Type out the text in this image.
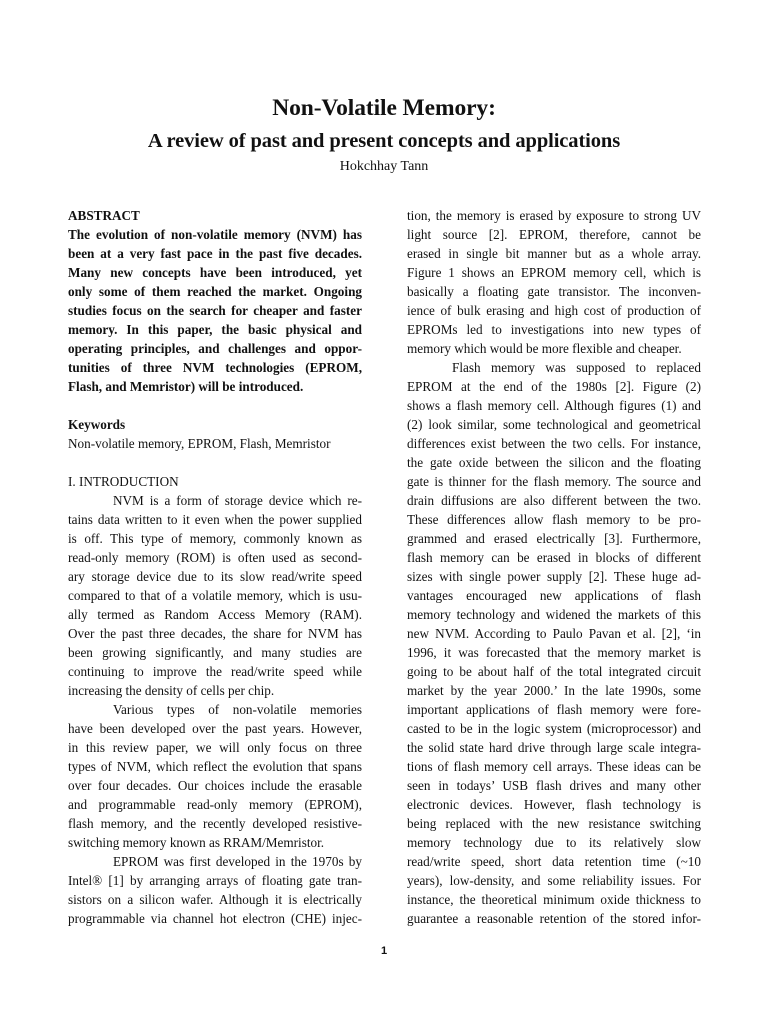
Non-Volatile Memory:
A review of past and present concepts and applications
Hokchhay Tann
ABSTRACT
The evolution of non-volatile memory (NVM) has
been at a very fast pace in the past five decades.
Many new concepts have been introduced, yet
only some of them reached the market. Ongoing
studies focus on the search for cheaper and faster
memory. In this paper, the basic physical and
operating principles, and challenges and oppor-
tunities of three NVM technologies (EPROM,
Flash, and Memristor) will be introduced.
Keywords
Non-volatile memory, EPROM, Flash, Memristor
I. INTRODUCTION
NVM is a form of storage device which re-
tains data written to it even when the power supplied
is off. This type of memory, commonly known as
read-only memory (ROM) is often used as second-
ary storage device due to its slow read/write speed
compared to that of a volatile memory, which is usu-
ally termed as Random Access Memory (RAM).
Over the past three decades, the share for NVM has
been growing significantly, and many studies are
continuing to improve the read/write speed while
increasing the density of cells per chip.
Various types of non-volatile memories
have been developed over the past years. However,
in this review paper, we will only focus on three
types of NVM, which reflect the evolution that spans
over four decades. Our choices include the erasable
and programmable read-only memory (EPROM),
flash memory, and the recently developed resistive-
switching memory known as RRAM/Memristor.
EPROM was first developed in the 1970s by
Intel® [1] by arranging arrays of floating gate tran-
sistors on a silicon wafer. Although it is electrically
programmable via channel hot electron (CHE) injec-
tion, the memory is erased by exposure to strong UV
light source [2]. EPROM, therefore, cannot be
erased in single bit manner but as a whole array.
Figure 1 shows an EPROM memory cell, which is
basically a floating gate transistor. The inconven-
ience of bulk erasing and high cost of production of
EPROMs led to investigations into new types of
memory which would be more flexible and cheaper.
Flash memory was supposed to replaced
EPROM at the end of the 1980s [2]. Figure (2)
shows a flash memory cell. Although figures (1) and
(2) look similar, some technological and geometrical
differences exist between the two cells. For instance,
the gate oxide between the silicon and the floating
gate is thinner for the flash memory. The source and
drain diffusions are also different between the two.
These differences allow flash memory to be pro-
grammed and erased electrically [3]. Furthermore,
flash memory can be erased in blocks of different
sizes with single power supply [2]. These huge ad-
vantages encouraged new applications of flash
memory technology and widened the markets of this
new NVM. According to Paulo Pavan et al. [2], ‘in
1996, it was forecasted that the memory market is
going to be about half of the total integrated circuit
market by the year 2000.’ In the late 1990s, some
important applications of flash memory were fore-
casted to be in the logic system (microprocessor) and
the solid state hard drive through large scale integra-
tions of flash memory cell arrays. These ideas can be
seen in todays’ USB flash drives and many other
electronic devices. However, flash technology is
being replaced with the new resistance switching
memory technology due to its relatively slow
read/write speed, short data retention time (~10
years), low-density, and some reliability issues. For
instance, the theoretical minimum oxide thickness to
guarantee a reasonable retention of the stored infor-
1
